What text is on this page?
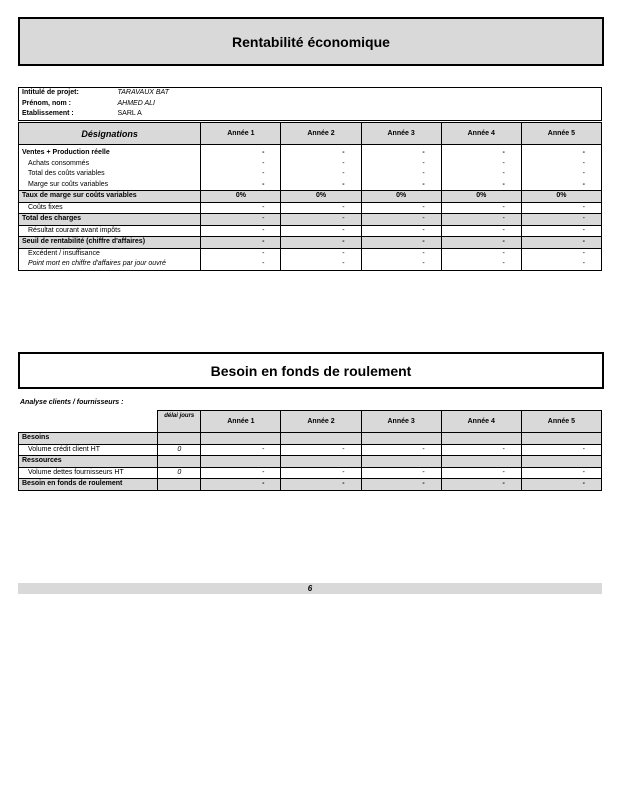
Rentabilité économique
Intitulé de projet:	TARAVAUX BAT
Prénom, nom :	AHMED ALI
Etablissement :	SARL A
Désignations	Année 1	Année 2	Année 3	Année 4	Année 5

Ventes + Production réelle	-	-	-	-	-
Achats consommés	-	-	-	-	-
Total des coûts variables	-	-	-	-	-
Marge sur coûts variables	-	-	-	-	-
Taux de marge sur coûts variables	0%	0%	0%	0%	0%
Coûts fixes	-	-	-	-	-
Total des charges	-	-	-	-	-
Résultat courant avant impôts	-	-	-	-	-
Seuil de rentabilité (chiffre d'affaires)	-	-	-	-	-
Excédent / insuffisance	-	-	-	-	-
Point mort en chiffre d'affaires par jour ouvré	-	-	-	-	-
Besoin en fonds de roulement
Analyse clients / fournisseurs :
	délai jours	Année 1	Année 2	Année 3	Année 4	Année 5
Besoins						
Volume crédit client HT	0	-	-	-	-	-
Ressources						
Volume dettes fournisseurs HT	0	-	-	-	-	-
Besoin en fonds de roulement		-	-	-	-	-
6
